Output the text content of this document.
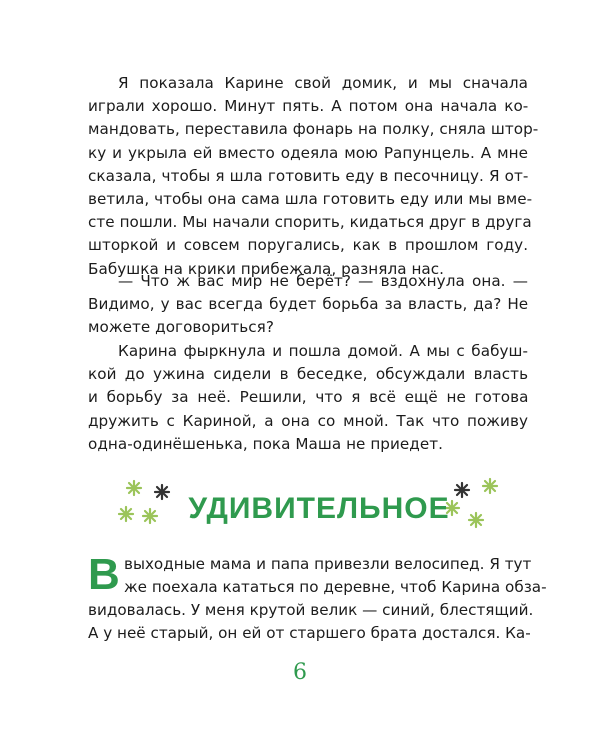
Я показала Карине свой домик, и мы сначала
играли хорошо. Минут пять. А потом она начала ко-
мандовать, переставила фонарь на полку, сняла штор-
ку и укрыла ей вместо одеяла мою Рапунцель. А мне
сказала, чтобы я шла готовить еду в песочницу. Я от-
ветила, чтобы она сама шла готовить еду или мы вме-
сте пошли. Мы начали спорить, кидаться друг в друга
шторкой и совсем поругались, как в прошлом году.
Бабушка на крики прибежала, разняла нас.
— Что ж вас мир не берёт? — вздохнула она. —
Видимо, у вас всегда будет борьба за власть, да? Не
можете договориться?
Карина фыркнула и пошла домой. А мы с бабуш-
кой до ужина сидели в беседке, обсуждали власть
и борьбу за неё. Решили, что я всё ещё не готова
дружить с Кариной, а она со мной. Так что поживу
одна-одинёшенька, пока Маша не приедет.
УДИВИТЕЛЬНОЕ
В выходные мама и папа привезли велосипед. Я тут
же поехала кататься по деревне, чтоб Карина обза-
видовалась. У меня крутой велик — синий, блестящий.
А у неё старый, он ей от старшего брата достался. Ка-
6
